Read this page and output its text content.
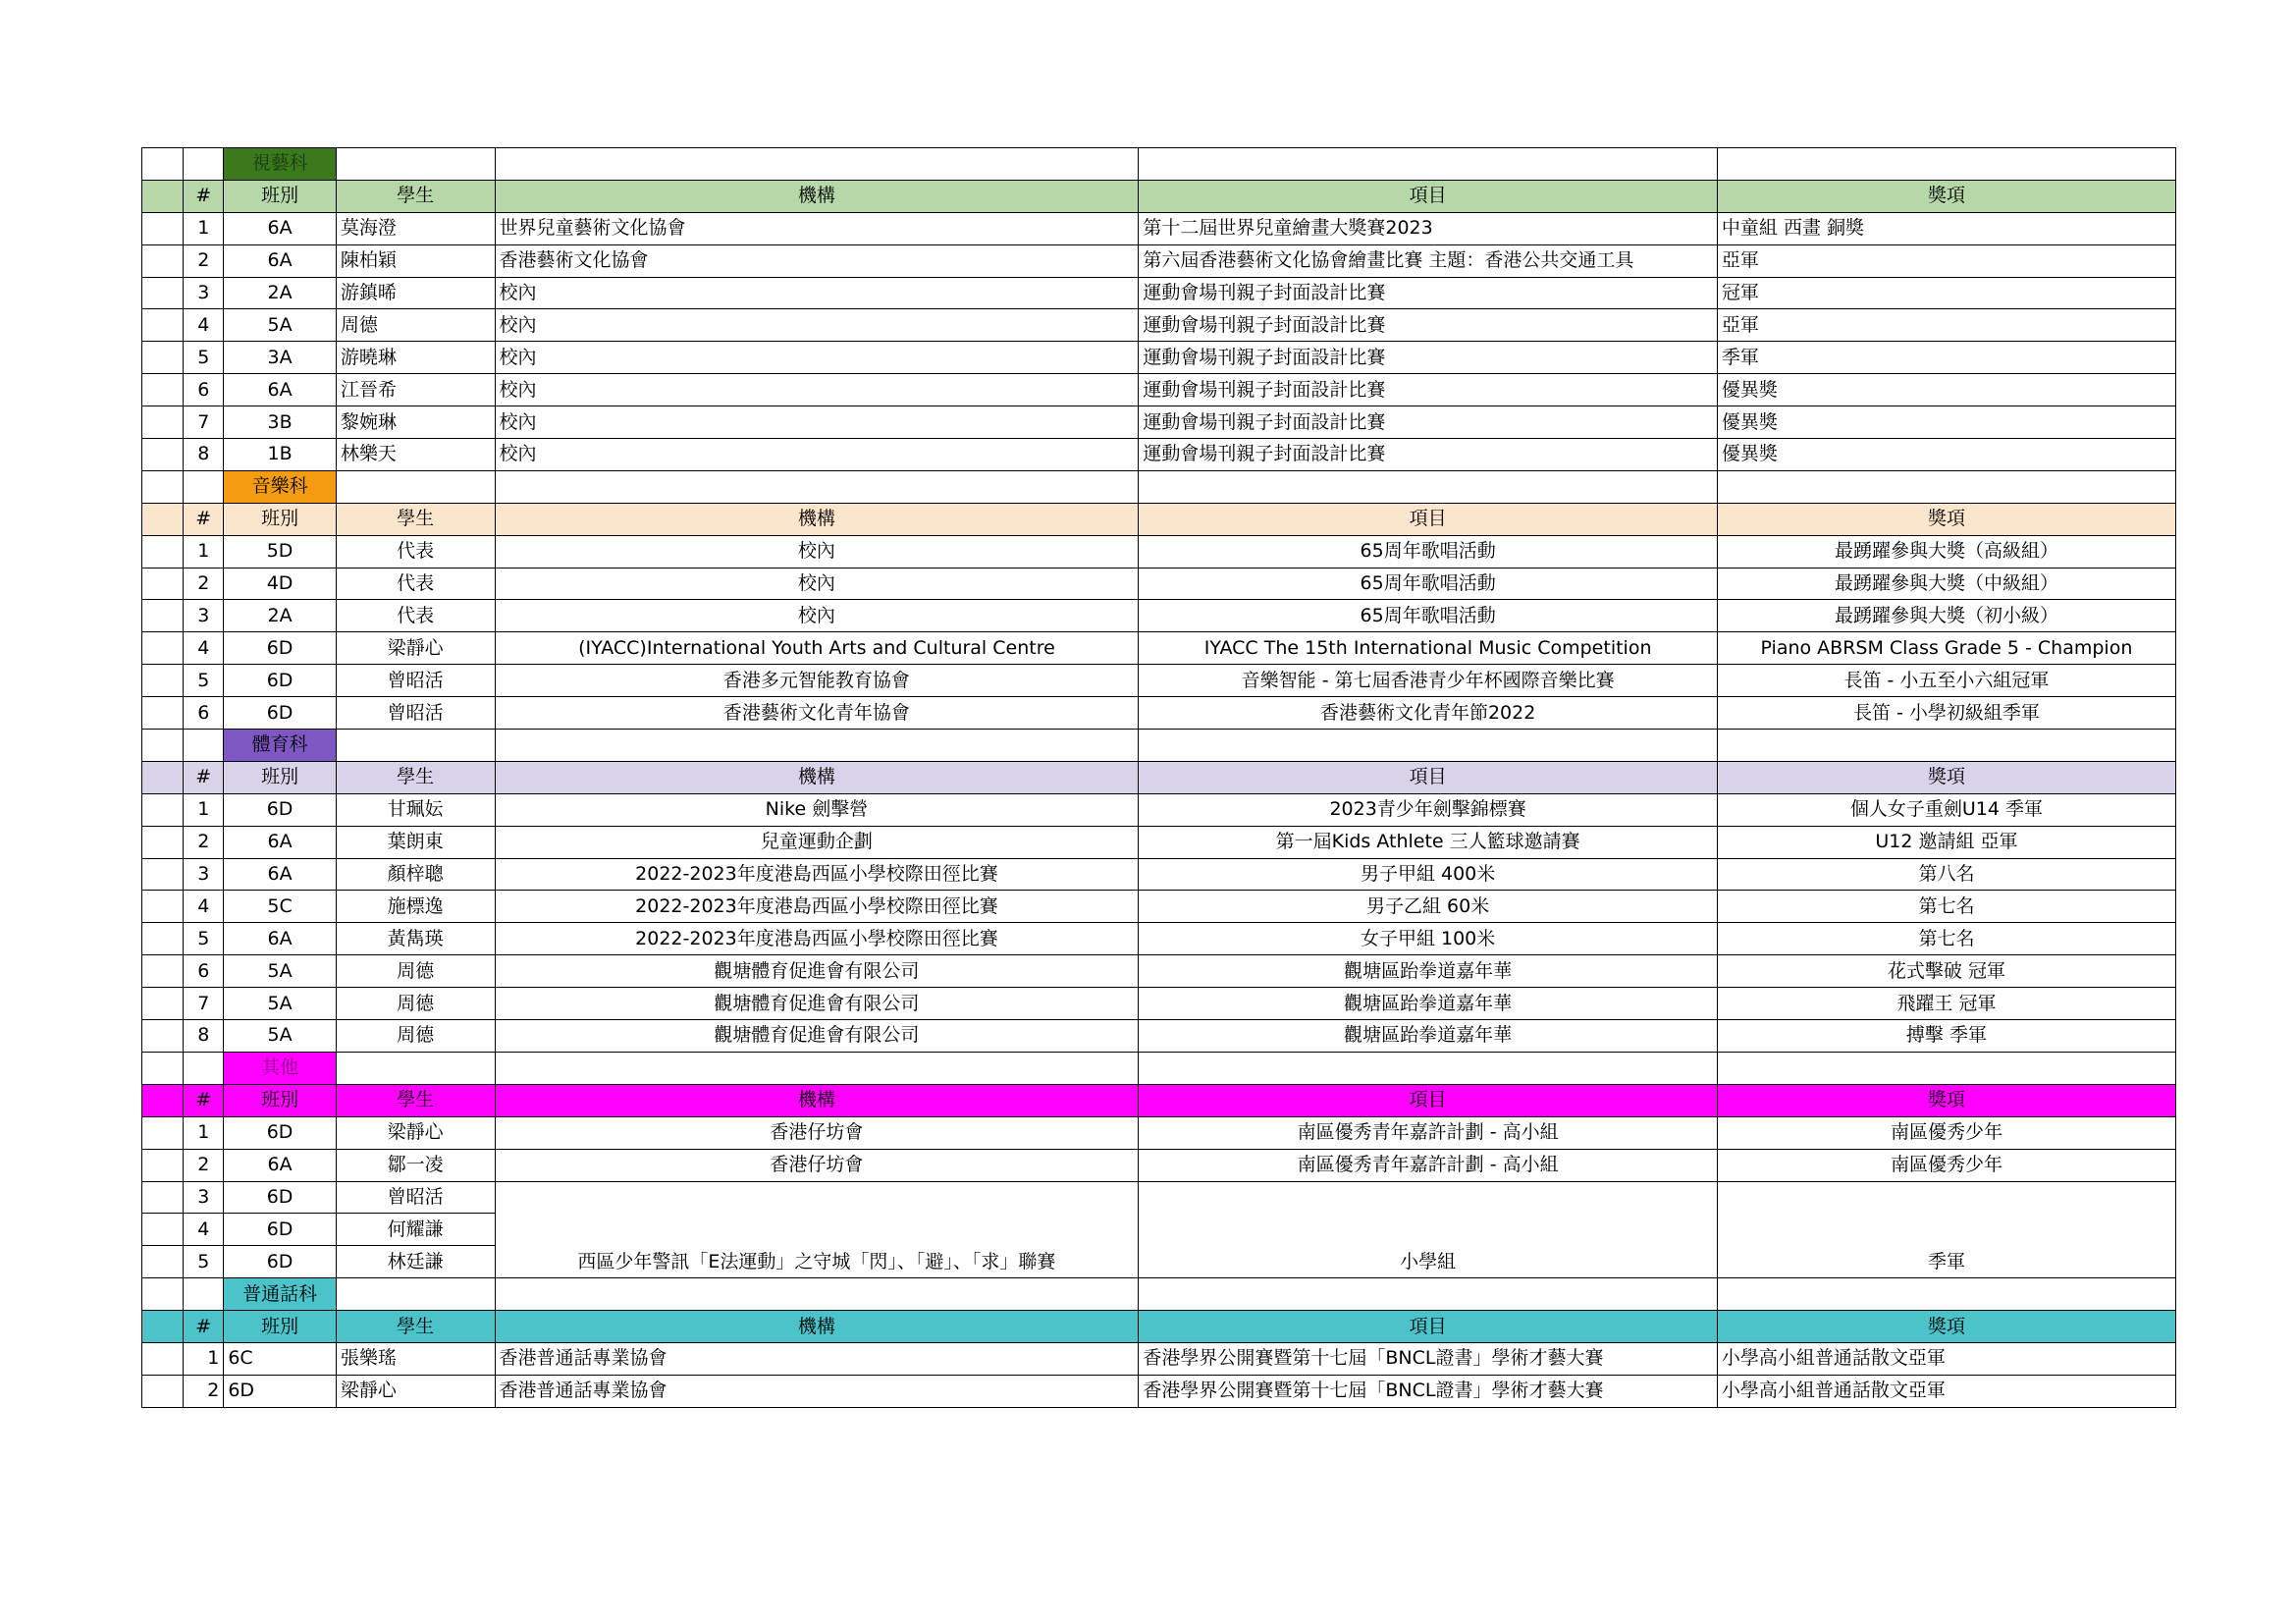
		視藝科				
	#	班別	學生	機構	項目	獎項
	1	6A	莫海澄	世界兒童藝術文化協會	第十二屆世界兒童繪畫大獎賽2023	中童組 西畫 銅獎
	2	6A	陳柏穎	香港藝術文化協會	第六屆香港藝術文化協會繪畫比賽 主題：香港公共交通工具	亞軍
	3	2A	游鎮晞	校內	運動會場刊親子封面設計比賽	冠軍
	4	5A	周德	校內	運動會場刊親子封面設計比賽	亞軍
	5	3A	游曉琳	校內	運動會場刊親子封面設計比賽	季軍
	6	6A	江晉希	校內	運動會場刊親子封面設計比賽	優異獎
	7	3B	黎婉琳	校內	運動會場刊親子封面設計比賽	優異獎
	8	1B	林樂天	校內	運動會場刊親子封面設計比賽	優異獎
		音樂科				
	#	班別	學生	機構	項目	獎項
	1	5D	代表	校內	65周年歌唱活動	最踴躍參與大獎（高級組）
	2	4D	代表	校內	65周年歌唱活動	最踴躍參與大獎（中級組）
	3	2A	代表	校內	65周年歌唱活動	最踴躍參與大獎（初小級）
	4	6D	梁靜心	(IYACC)International Youth Arts and Cultural Centre	IYACC The 15th International Music Competition	Piano ABRSM Class Grade 5 - Champion
	5	6D	曾昭活	香港多元智能教育協會	音樂智能 - 第七屆香港青少年杯國際音樂比賽	長笛 - 小五至小六組冠軍
	6	6D	曾昭活	香港藝術文化青年協會	香港藝術文化青年節2022	長笛 - 小學初級組季軍
		體育科				
	#	班別	學生	機構	項目	獎項
	1	6D	甘珮妘	Nike 劍擊營	2023青少年劍擊錦標賽	個人女子重劍U14 季軍
	2	6A	葉朗東	兒童運動企劃	第一屆Kids Athlete 三人籃球邀請賽	U12 邀請組 亞軍
	3	6A	顏梓聰	2022-2023年度港島西區小學校際田徑比賽	男子甲組 400米	第八名
	4	5C	施標逸	2022-2023年度港島西區小學校際田徑比賽	男子乙組 60米	第七名
	5	6A	黃雋瑛	2022-2023年度港島西區小學校際田徑比賽	女子甲組 100米	第七名
	6	5A	周德	觀塘體育促進會有限公司	觀塘區跆拳道嘉年華	花式擊破 冠軍
	7	5A	周德	觀塘體育促進會有限公司	觀塘區跆拳道嘉年華	飛躍王 冠軍
	8	5A	周德	觀塘體育促進會有限公司	觀塘區跆拳道嘉年華	搏擊 季軍
		其他				
	#	班別	學生	機構	項目	獎項
	1	6D	梁靜心	香港仔坊會	南區優秀青年嘉許計劃 - 高小組	南區優秀少年
	2	6A	鄒一凌	香港仔坊會	南區優秀青年嘉許計劃 - 高小組	南區優秀少年
	3	6D	曾昭活	西區少年警訊「E法運動」之守城「閃」、「避」、「求」聯賽	小學組	季軍
	4	6D	何耀謙			
	5	6D	林廷謙			
		普通話科				
	#	班別	學生	機構	項目	獎項
	1	6C	張樂瑤	香港普通話專業協會	香港學界公開賽暨第十七屆「BNCL證書」學術才藝大賽	小學高小組普通話散文亞軍
	2	6D	梁靜心	香港普通話專業協會	香港學界公開賽暨第十七屆「BNCL證書」學術才藝大賽	小學高小組普通話散文亞軍
